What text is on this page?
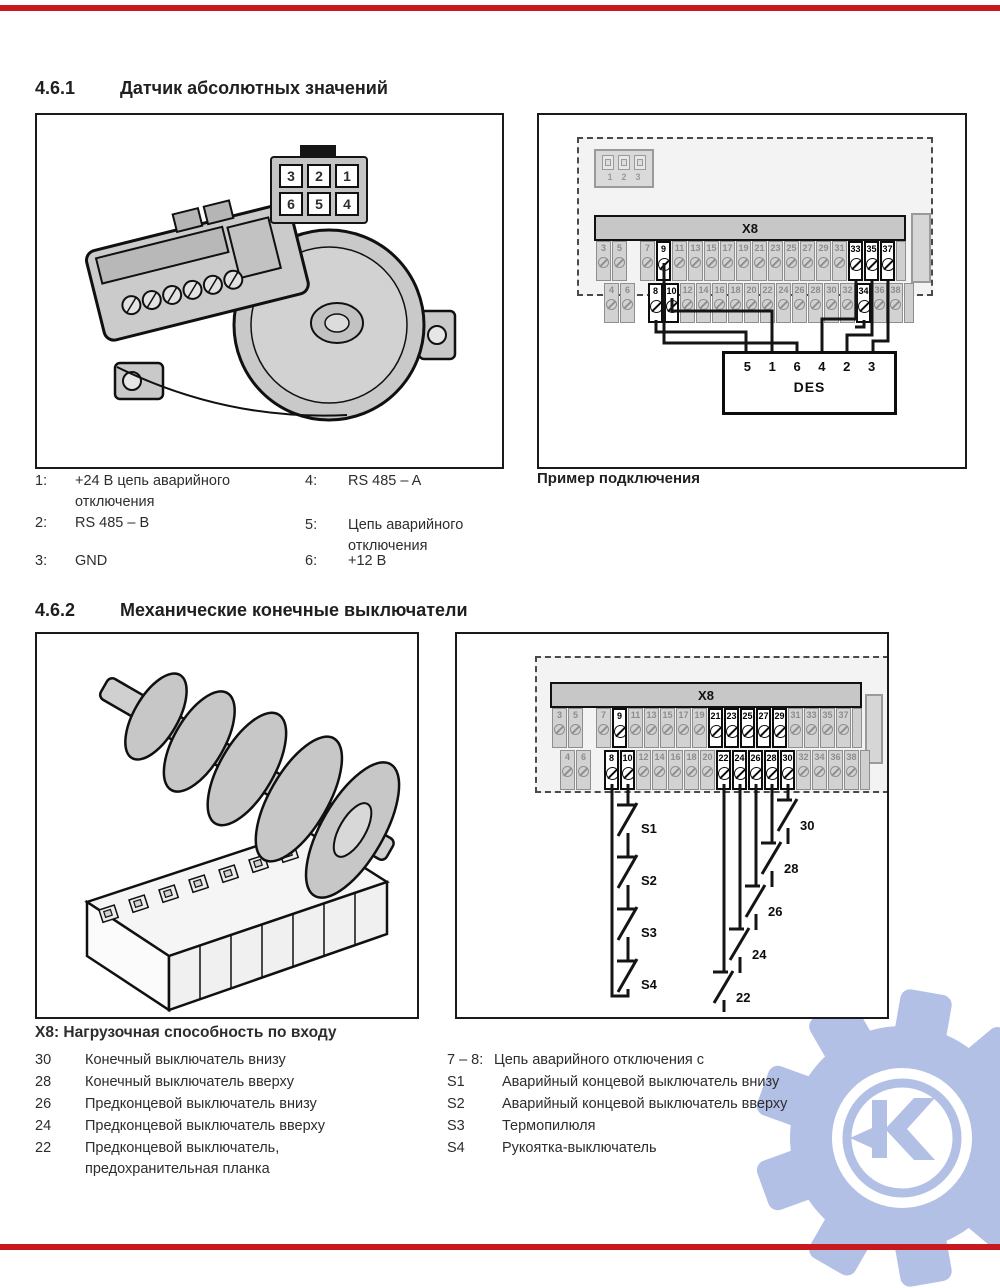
4.6.1 Датчик абсолютных значений
3	2	1
6	5	4
1 2 3
X8
3 5	7 9 11 13 15 17 19 21 23 25 27 29 31 33 35 37
4 6	8 10 12 14 16 18 20 22 24 26 28 30 32 34 36 38
5 1 6 4 2 3
DES
Пример подключения
1: +24 В цепь аварийного отключения
2: RS 485 – B
3: GND
4: RS 485 – A
5: Цепь аварийного отключения
6: +12 В
4.6.2 Механические конечные выключатели
X8
3 5	7 9 11 13 15 17 19 21 23 25 27 29 31 33 35 37
4 6	8 10 12 14 16 18 20 22 24 26 28 30 32 34 36 38
S1
S2
S3
S4
30
28
26
24
22
X8: Нагрузочная способность по входу
30 Конечный выключатель внизу
28 Конечный выключатель вверху
26 Предконцевой выключатель внизу
24 Предконцевой выключатель вверху
22 Предконцевой выключатель, предохранительная планка
7 – 8: Цепь аварийного отключения с
S1	Аварийный концевой выключатель внизу
S2	Аварийный концевой выключатель вверху
S3	Термопилюля
S4	Рукоятка-выключатель
